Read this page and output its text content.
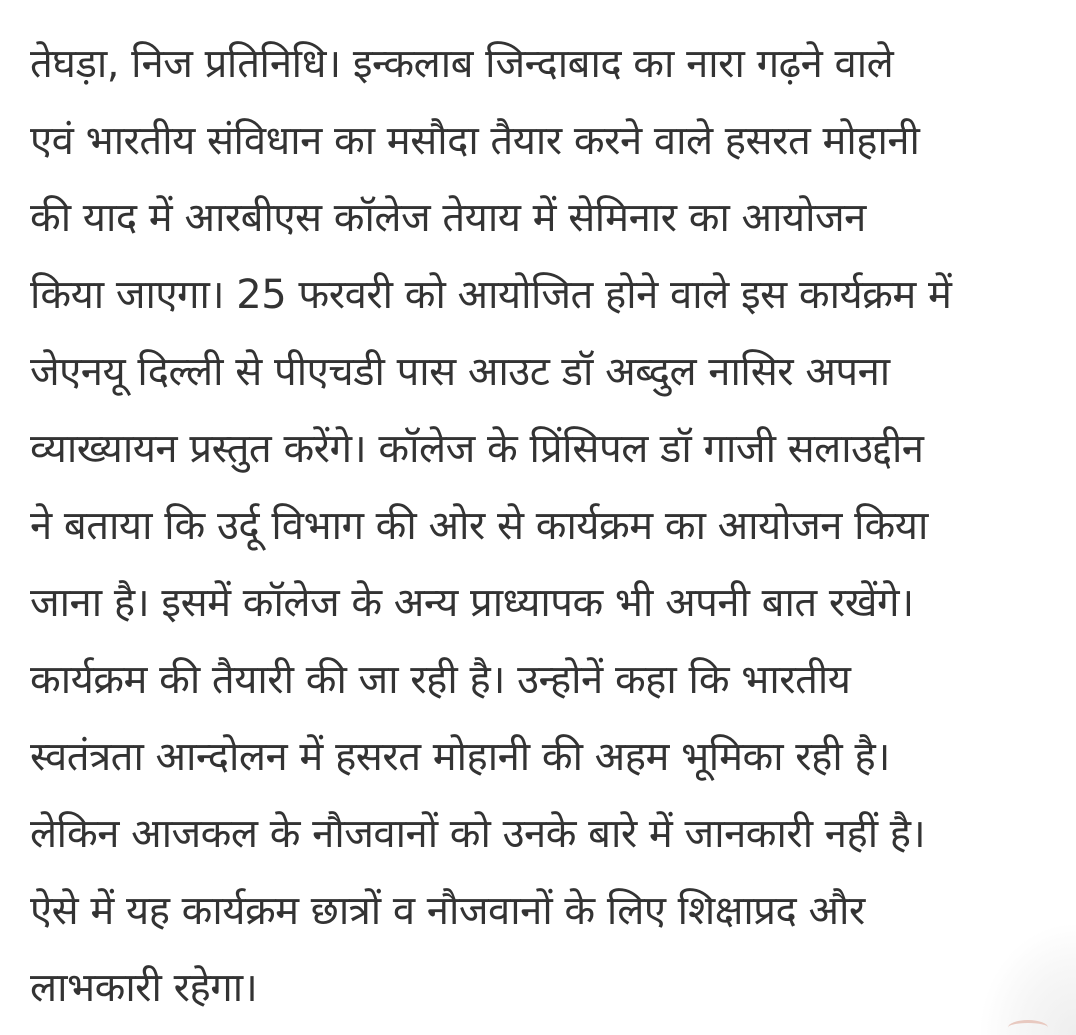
तेघड़ा, निज प्रतिनिधि। इन्कलाब जिन्दाबाद का नारा गढ़ने वाले
एवं भारतीय संविधान का मसौदा तैयार करने वाले हसरत मोहानी
की याद में आरबीएस कॉलेज तेयाय में सेमिनार का आयोजन
किया जाएगा। 25 फरवरी को आयोजित होने वाले इस कार्यक्रम में
जेएनयू दिल्ली से पीएचडी पास आउट डॉ अब्दुल नासिर अपना
व्याख्यायन प्रस्तुत करेंगे। कॉलेज के प्रिंसिपल डॉ गाजी सलाउद्दीन
ने बताया कि उर्दू विभाग की ओर से कार्यक्रम का आयोजन किया
जाना है। इसमें कॉलेज के अन्य प्राध्यापक भी अपनी बात रखेंगे।
कार्यक्रम की तैयारी की जा रही है। उन्होनें कहा कि भारतीय
स्वतंत्रता आन्दोलन में हसरत मोहानी की अहम भूमिका रही है।
लेकिन आजकल के नौजवानों को उनके बारे में जानकारी नहीं है।
ऐसे में यह कार्यक्रम छात्रों व नौजवानों के लिए शिक्षाप्रद और
लाभकारी रहेगा।
